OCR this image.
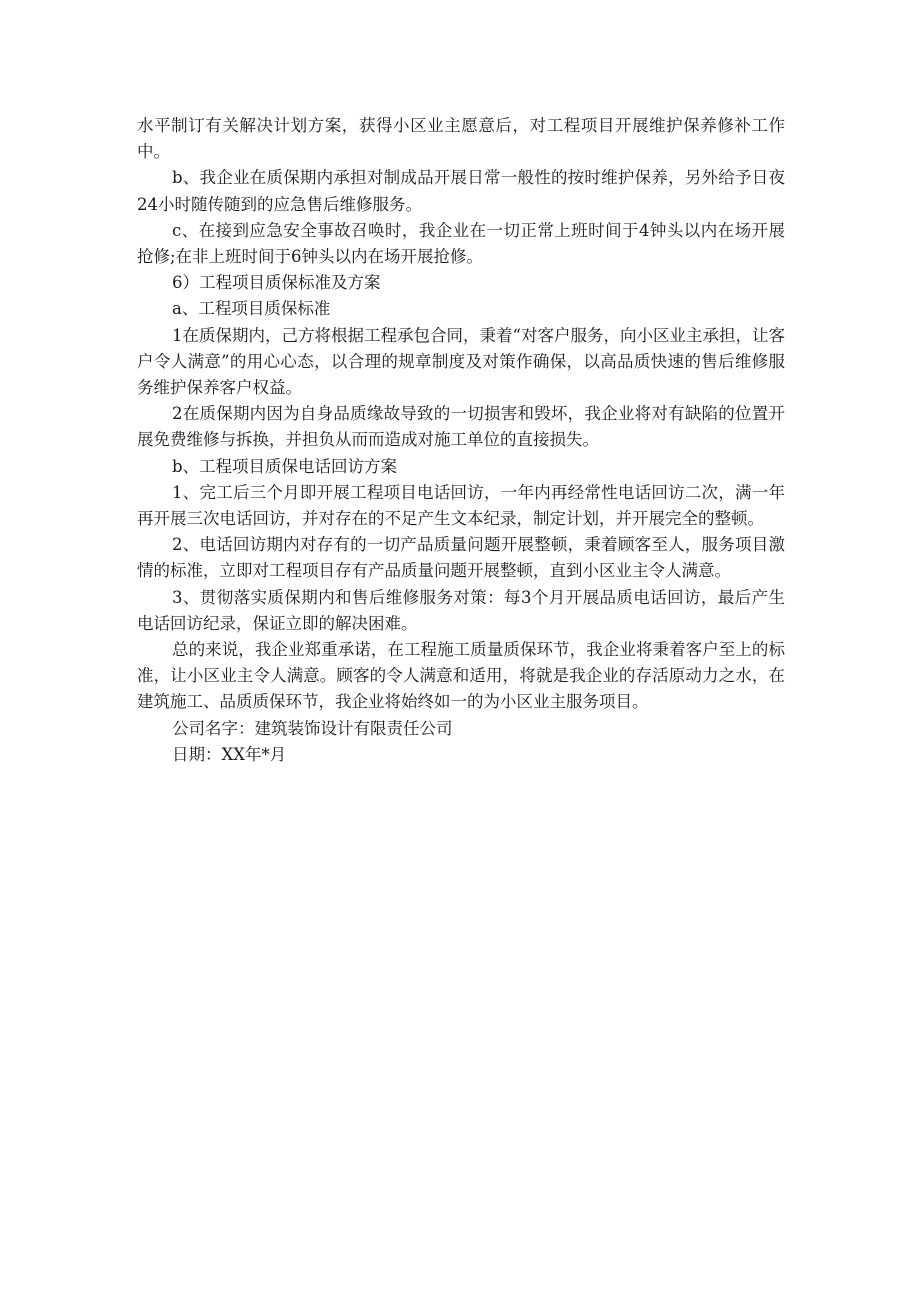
水平制订有关解决计划方案，获得小区业主愿意后，对工程项目开展维护保养修补工作中。

b、我企业在质保期内承担对制成品开展日常一般性的按时维护保养，另外给予日夜24小时随传随到的应急售后维修服务。

c、在接到应急安全事故召唤时，我企业在一切正常上班时间于4钟头以内在场开展抢修;在非上班时间于6钟头以内在场开展抢修。

6）工程项目质保标准及方案

a、工程项目质保标准

1在质保期内，己方将根据工程承包合同，秉着“对客户服务，向小区业主承担，让客户令人满意”的用心心态，以合理的规章制度及对策作确保，以高品质快速的售后维修服务维护保养客户权益。

2在质保期内因为自身品质缘故导致的一切损害和毁坏，我企业将对有缺陷的位置开展免费维修与拆换，并担负从而而造成对施工单位的直接损失。

b、工程项目质保电话回访方案

1、完工后三个月即开展工程项目电话回访，一年内再经常性电话回访二次，满一年再开展三次电话回访，并对存在的不足产生文本纪录，制定计划，并开展完全的整顿。

2、电话回访期内对存有的一切产品质量问题开展整顿，秉着顾客至人，服务项目激情的标准，立即对工程项目存有产品质量问题开展整顿，直到小区业主令人满意。

3、贯彻落实质保期内和售后维修服务对策：每3个月开展品质电话回访，最后产生电话回访纪录，保证立即的解决困难。

总的来说，我企业郑重承诺，在工程施工质量质保环节，我企业将秉着客户至上的标准，让小区业主令人满意。顾客的令人满意和适用，将就是我企业的存活原动力之水，在建筑施工、品质质保环节，我企业将始终如一的为小区业主服务项目。

公司名字：建筑装饰设计有限责任公司

日期：XX年*月
